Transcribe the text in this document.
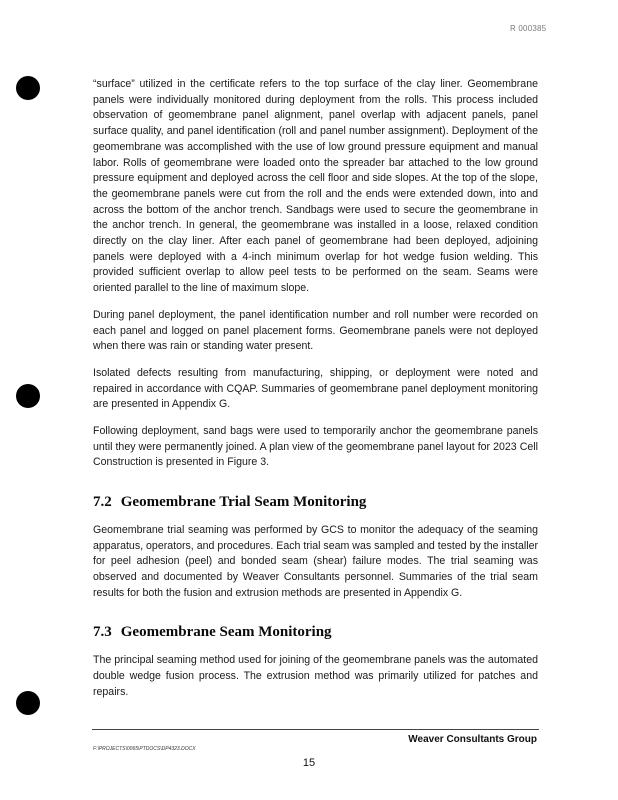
R 000385

“surface” utilized in the certificate refers to the top surface of the clay liner. Geomembrane panels were individually monitored during deployment from the rolls. This process included observation of geomembrane panel alignment, panel overlap with adjacent panels, panel surface quality, and panel identification (roll and panel number assignment). Deployment of the geomembrane was accomplished with the use of low ground pressure equipment and manual labor. Rolls of geomembrane were loaded onto the spreader bar attached to the low ground pressure equipment and deployed across the cell floor and side slopes. At the top of the slope, the geomembrane panels were cut from the roll and the ends were extended down, into and across the bottom of the anchor trench. Sandbags were used to secure the geomembrane in the anchor trench. In general, the geomembrane was installed in a loose, relaxed condition directly on the clay liner. After each panel of geomembrane had been deployed, adjoining panels were deployed with a 4-inch minimum overlap for hot wedge fusion welding. This provided sufficient overlap to allow peel tests to be performed on the seam. Seams were oriented parallel to the line of maximum slope.

During panel deployment, the panel identification number and roll number were recorded on each panel and logged on panel placement forms. Geomembrane panels were not deployed when there was rain or standing water present.

Isolated defects resulting from manufacturing, shipping, or deployment were noted and repaired in accordance with CQAP. Summaries of geomembrane panel deployment monitoring are presented in Appendix G.

Following deployment, sand bags were used to temporarily anchor the geomembrane panels until they were permanently joined. A plan view of the geomembrane panel layout for 2023 Cell Construction is presented in Figure 3.

7.2 Geomembrane Trial Seam Monitoring

Geomembrane trial seaming was performed by GCS to monitor the adequacy of the seaming apparatus, operators, and procedures. Each trial seam was sampled and tested by the installer for peel adhesion (peel) and bonded seam (shear) failure modes. The trial seaming was observed and documented by Weaver Consultants personnel. Summaries of the trial seam results for both the fusion and extrusion methods are presented in Appendix G.

7.3 Geomembrane Seam Monitoring

The principal seaming method used for joining of the geomembrane panels was the automated double wedge fusion process. The extrusion method was primarily utilized for patches and repairs.

Weaver Consultants Group
F:\PROJECTS\0065\PTDOCS\DP4323.DOCX
15
